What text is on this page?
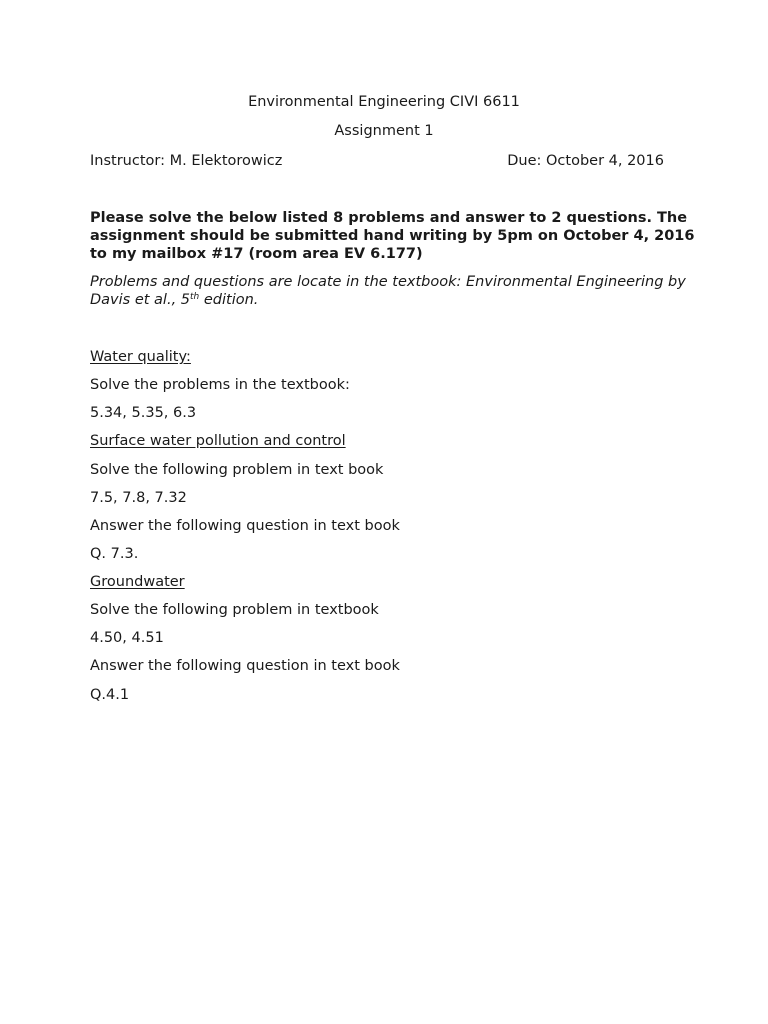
Environmental Engineering CIVI 6611
Assignment 1
Instructor: M. Elektorowicz	Due: October 4, 2016
Please solve the below listed 8 problems and answer to 2 questions. The
assignment should be submitted hand writing by 5pm on October 4, 2016
to my mailbox #17 (room area EV 6.177)
Problems and questions are locate in the textbook: Environmental Engineering by
Davis et al., 5th edition.
Water quality:
Solve the problems in the textbook:
5.34, 5.35, 6.3
Surface water pollution and control
Solve the following problem in text book
7.5, 7.8, 7.32
Answer the following question in text book
Q. 7.3.
Groundwater
Solve the following problem in textbook
4.50, 4.51
Answer the following question in text book
Q.4.1
